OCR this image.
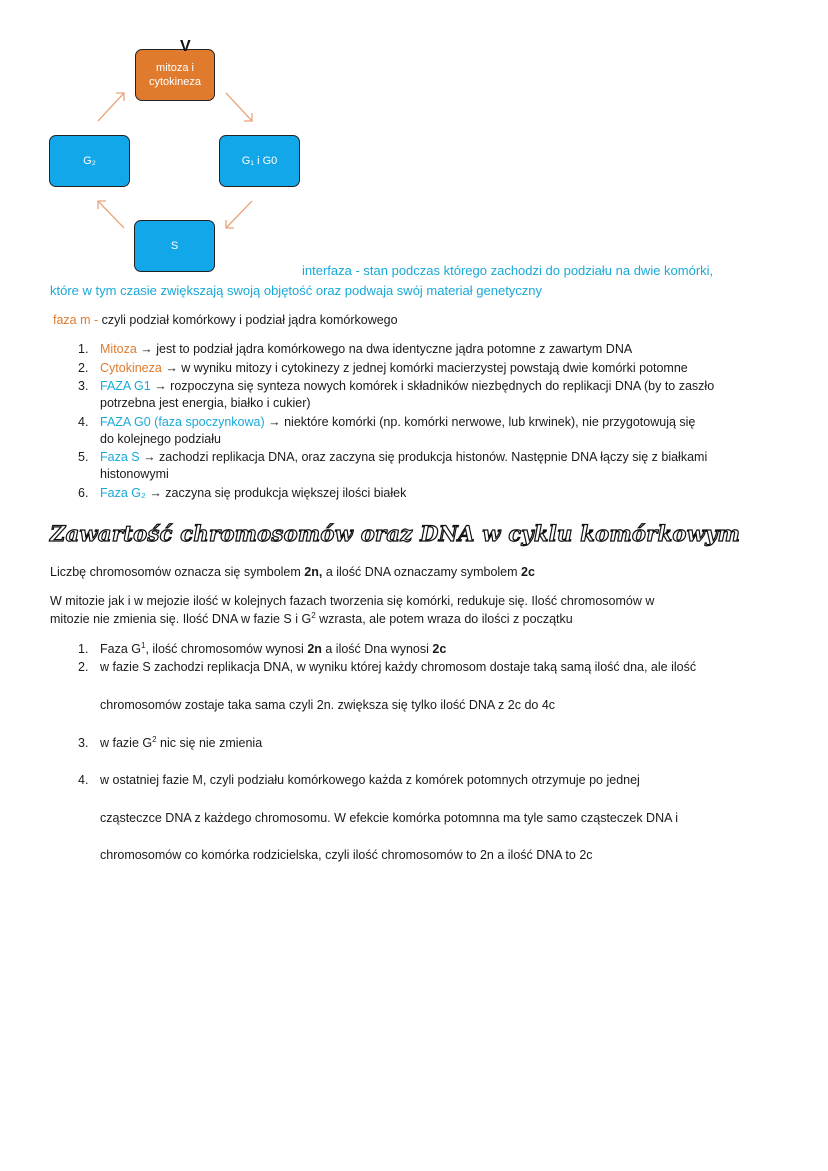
mitoza i cytokineza
V
G₁ i G0
G₂
S
interfaza - stan podczas którego zachodzi do podziału na dwie komórki,
które w tym czasie zwiększają swoją objętość oraz podwaja swój materiał genetyczny
faza m - czyli podział komórkowy i podział jądra komórkowego
1. Mitoza → jest to podział jądra komórkowego na dwa identyczne jądra potomne z zawartym DNA
2. Cytokineza → w wyniku mitozy i cytokinezy z jednej komórki macierzystej powstają dwie komórki potomne
3. FAZA G1 → rozpoczyna się synteza nowych komórek i składników niezbędnych do replikacji DNA (by to zaszło
potrzebna jest energia, białko i cukier)
4. FAZA G0 (faza spoczynkowa) → niektóre komórki (np. komórki nerwowe, lub krwinek), nie przygotowują się
do kolejnego podziału
5. Faza S → zachodzi replikacja DNA, oraz zaczyna się produkcja histonów. Następnie DNA łączy się z białkami
histonowymi
6. Faza G₂ → zaczyna się produkcja większej ilości białek
Zawartość chromosomów oraz DNA w cyklu komórkowym
Liczbę chromosomów oznacza się symbolem 2n, a ilość DNA oznaczamy symbolem 2c
W mitozie jak i w mejozie ilość w kolejnych fazach tworzenia się komórki, redukuje się. Ilość chromosomów w
mitozie nie zmienia się. Ilość DNA w fazie S i $G^2$ wzrasta, ale potem wraza do ilości z początku
1. Faza $G^1$, ilość chromosomów wynosi 2n a ilość Dna wynosi 2c
2. w fazie S zachodzi replikacja DNA, w wyniku której każdy chromosom dostaje taką samą ilość dna, ale ilość
chromosomów zostaje taka sama czyli 2n. zwiększa się tylko ilość DNA z 2c do 4c
3. w fazie $G^2$ nic się nie zmienia
4. w ostatniej fazie M, czyli podziału komórkowego każda z komórek potomnych otrzymuje po jednej
cząsteczce DNA z każdego chromosomu. W efekcie komórka potomnna ma tyle samo cząsteczek DNA i
chromosomów co komórka rodzicielska, czyli ilość chromosomów to 2n a ilość DNA to 2c
